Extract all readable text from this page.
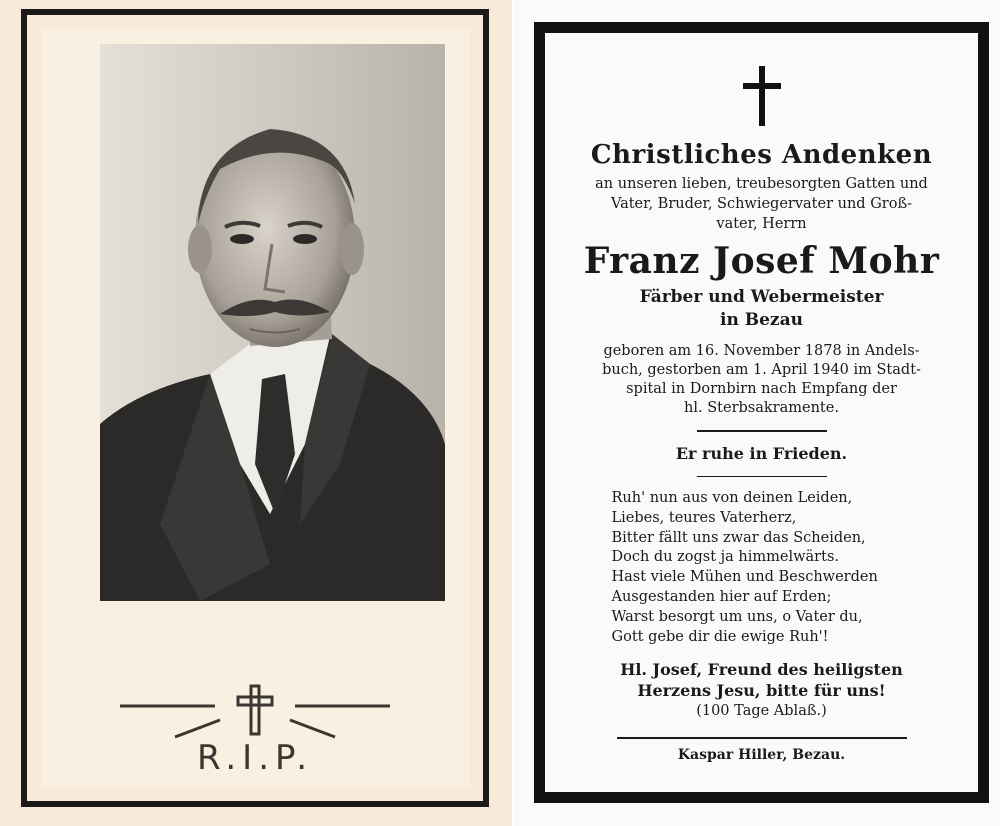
R.I.P.
Christliches Andenken
an unseren lieben, treubesorgten Gatten und
Vater, Bruder, Schwiegervater und Groß-
vater, Herrn
Franz Josef Mohr
Färber und Webermeister
in Bezau
geboren am 16. November 1878 in Andels-
buch, gestorben am 1. April 1940 im Stadt-
spital in Dornbirn nach Empfang der
hl. Sterbsakramente.
Er ruhe in Frieden.
Ruh' nun aus von deinen Leiden,
Liebes, teures Vaterherz,
Bitter fällt uns zwar das Scheiden,
Doch du zogst ja himmelwärts.
Hast viele Mühen und Beschwerden
Ausgestanden hier auf Erden;
Warst besorgt um uns, o Vater du,
Gott gebe dir die ewige Ruh'!
Hl. Josef, Freund des heiligsten
Herzens Jesu, bitte für uns!
(100 Tage Ablaß.)
Kaspar Hiller, Bezau.
